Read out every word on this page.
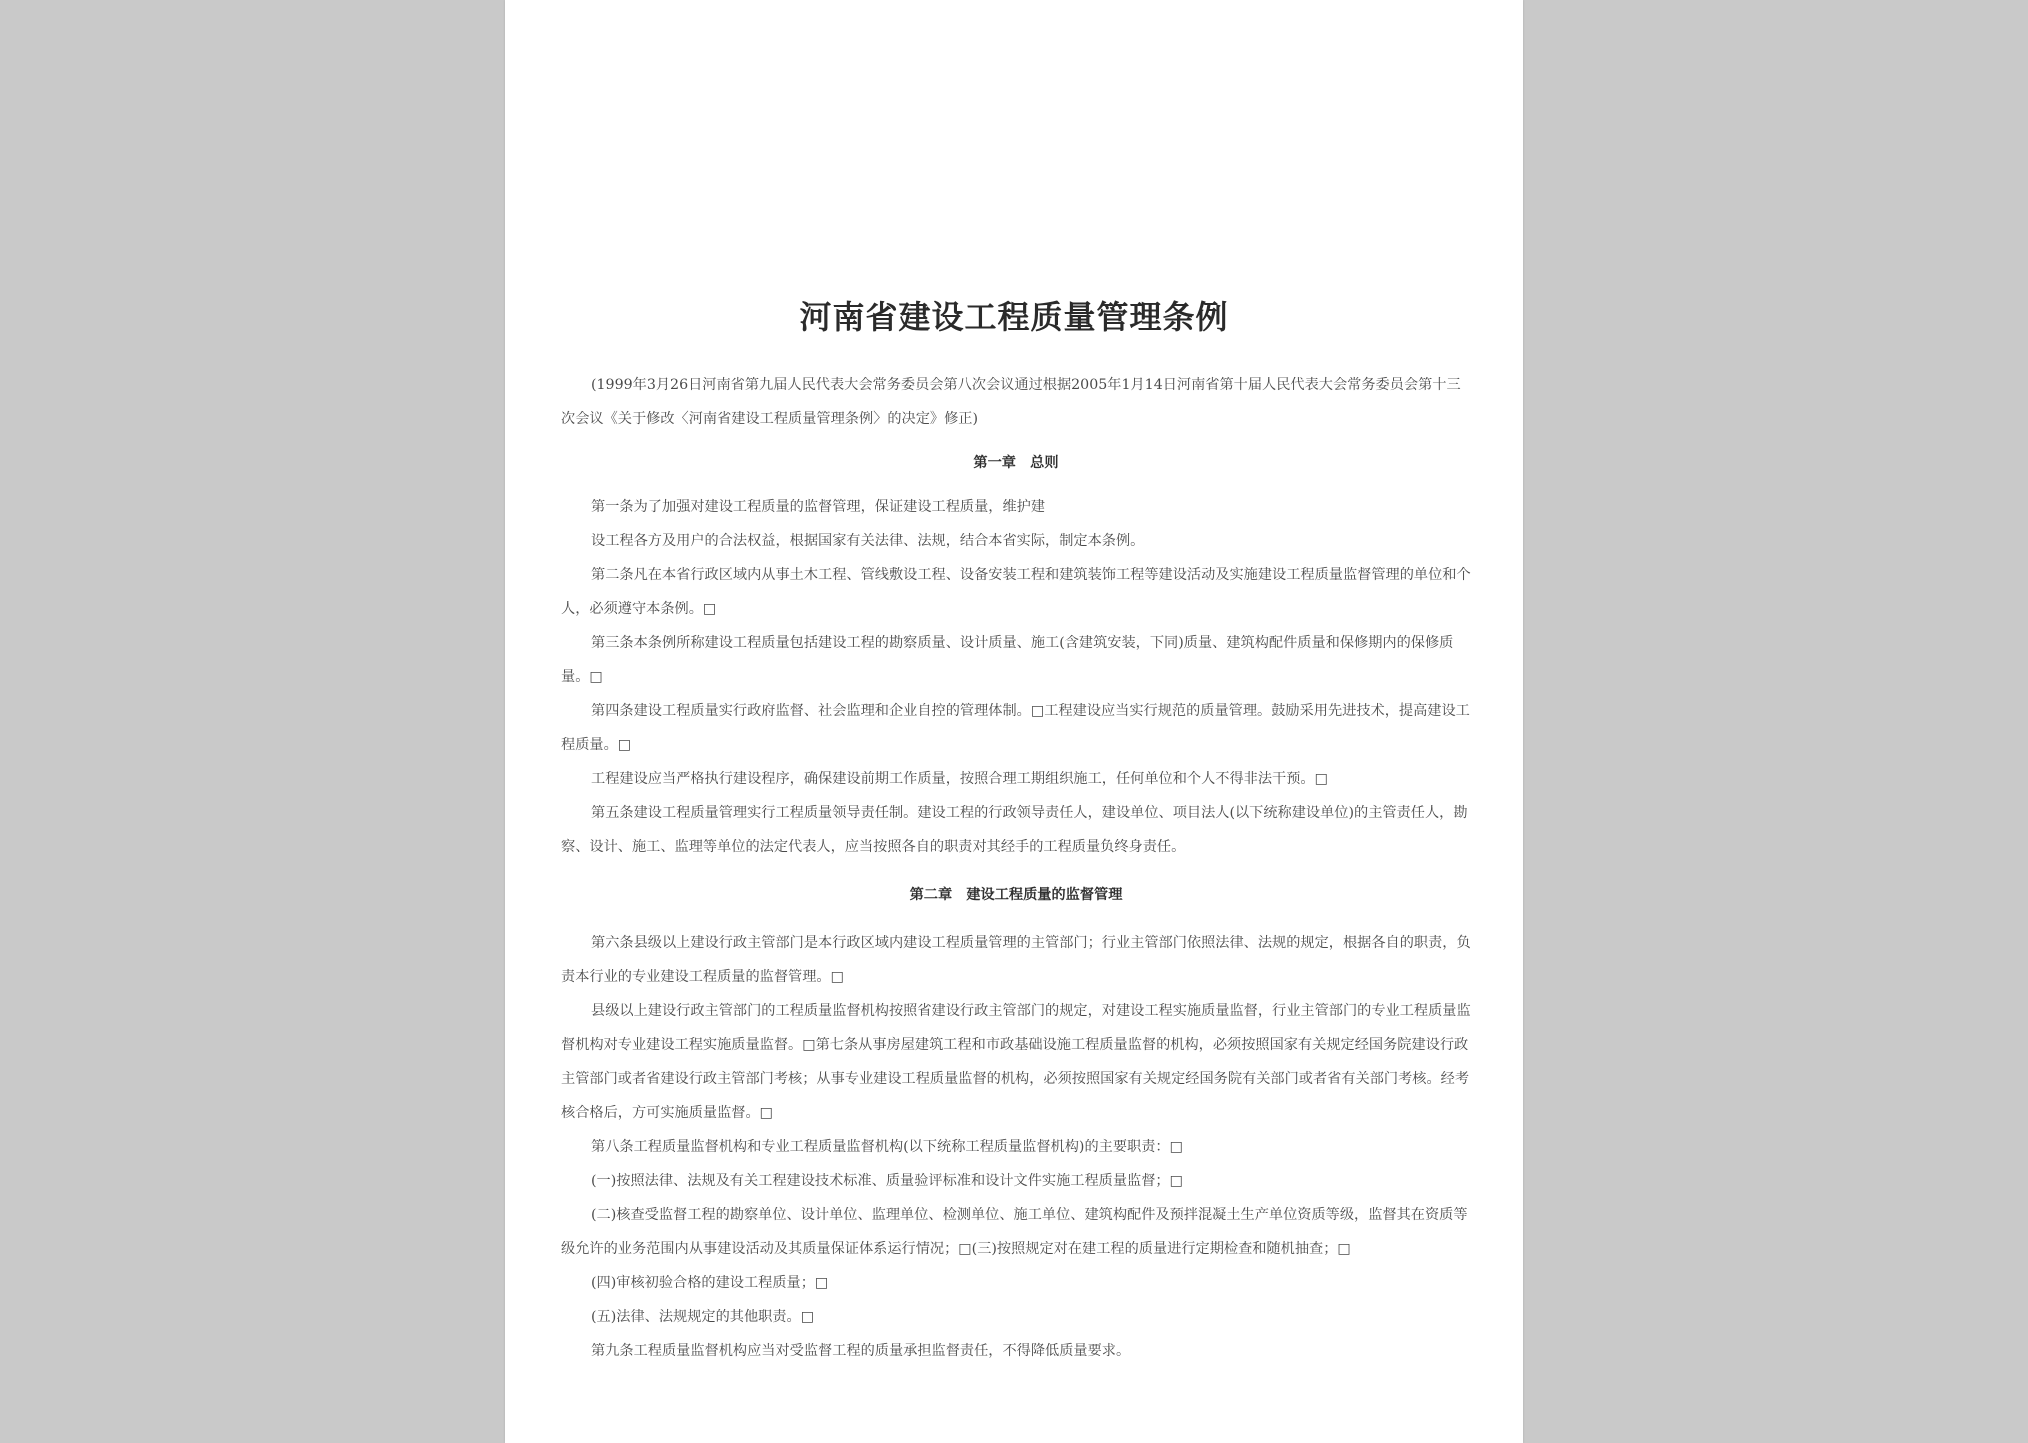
河南省建设工程质量管理条例

(1999年3月26日河南省第九届人民代表大会常务委员会第八次会议通过根据2005年1月14日河南省第十届人民代表大会常务委员会第十三次会议《关于修改〈河南省建设工程质量管理条例〉的决定》修正)

第一章　总则

第一条为了加强对建设工程质量的监督管理，保证建设工程质量，维护建

设工程各方及用户的合法权益，根据国家有关法律、法规，结合本省实际，制定本条例。

第二条凡在本省行政区域内从事土木工程、管线敷设工程、设备安装工程和建筑装饰工程等建设活动及实施建设工程质量监督管理的单位和个人，必须遵守本条例。□

第三条本条例所称建设工程质量包括建设工程的勘察质量、设计质量、施工(含建筑安装，下同)质量、建筑构配件质量和保修期内的保修质量。□

第四条建设工程质量实行政府监督、社会监理和企业自控的管理体制。□工程建设应当实行规范的质量管理。鼓励采用先进技术，提高建设工程质量。□

工程建设应当严格执行建设程序，确保建设前期工作质量，按照合理工期组织施工，任何单位和个人不得非法干预。□

第五条建设工程质量管理实行工程质量领导责任制。建设工程的行政领导责任人，建设单位、项目法人(以下统称建设单位)的主管责任人，勘察、设计、施工、监理等单位的法定代表人，应当按照各自的职责对其经手的工程质量负终身责任。

第二章　建设工程质量的监督管理

第六条县级以上建设行政主管部门是本行政区域内建设工程质量管理的主管部门；行业主管部门依照法律、法规的规定，根据各自的职责，负责本行业的专业建设工程质量的监督管理。□

县级以上建设行政主管部门的工程质量监督机构按照省建设行政主管部门的规定，对建设工程实施质量监督，行业主管部门的专业工程质量监督机构对专业建设工程实施质量监督。□第七条从事房屋建筑工程和市政基础设施工程质量监督的机构，必须按照国家有关规定经国务院建设行政主管部门或者省建设行政主管部门考核；从事专业建设工程质量监督的机构，必须按照国家有关规定经国务院有关部门或者省有关部门考核。经考核合格后，方可实施质量监督。□

第八条工程质量监督机构和专业工程质量监督机构(以下统称工程质量监督机构)的主要职责：□

(一)按照法律、法规及有关工程建设技术标准、质量验评标准和设计文件实施工程质量监督；□

(二)核查受监督工程的勘察单位、设计单位、监理单位、检测单位、施工单位、建筑构配件及预拌混凝土生产单位资质等级，监督其在资质等级允许的业务范围内从事建设活动及其质量保证体系运行情况；□(三)按照规定对在建工程的质量进行定期检查和随机抽查；□

(四)审核初验合格的建设工程质量；□

(五)法律、法规规定的其他职责。□

第九条工程质量监督机构应当对受监督工程的质量承担监督责任，不得降低质量要求。
